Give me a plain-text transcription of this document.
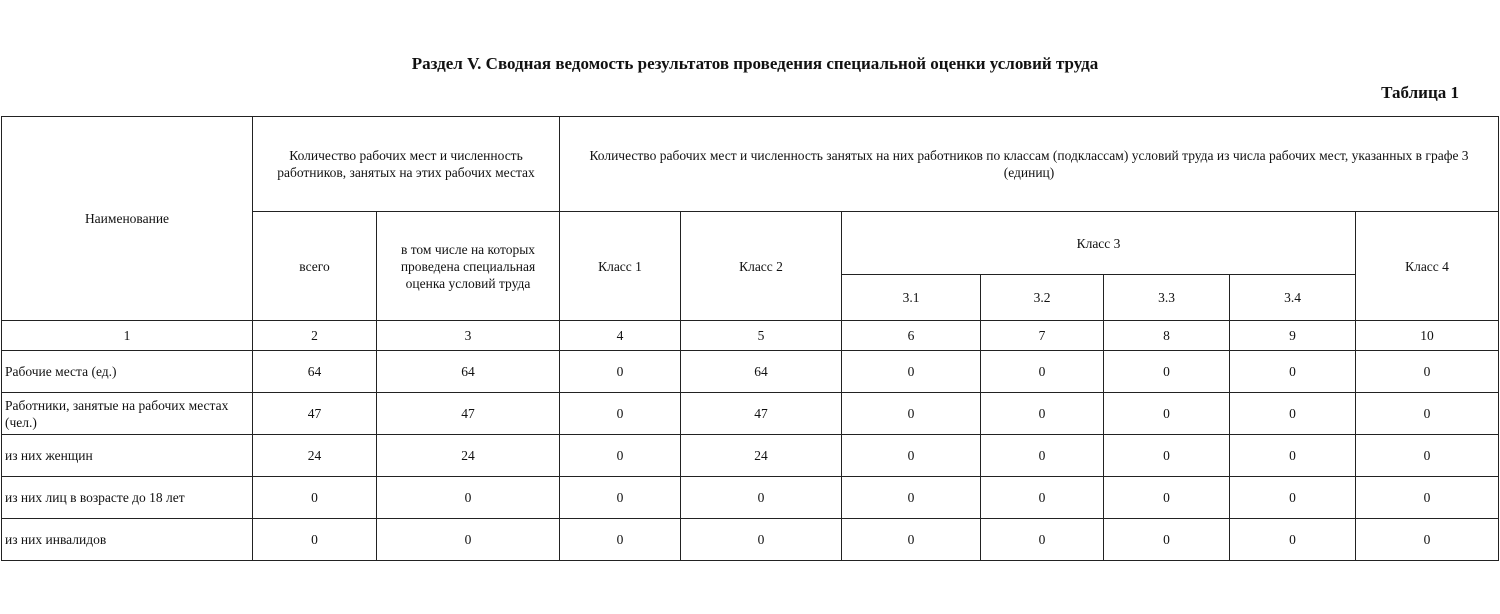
Раздел V. Сводная ведомость результатов проведения специальной оценки условий труда
Таблица 1
Наименование	Количество рабочих мест и численность работников, занятых на этих рабочих местах		Количество рабочих мест и численность занятых на них работников по классам (подклассам) условий труда из числа рабочих мест, указанных в графе 3 (единиц)						
	всего	в том числе на которых проведена специальная оценка условий труда	Класс 1	Класс 2	Класс 3				Класс 4
					3.1	3.2	3.3	3.4	
1	2	3	4	5	6	7	8	9	10
Рабочие места (ед.)	64	64	0	64	0	0	0	0	0
Работники, занятые на рабочих местах (чел.)	47	47	0	47	0	0	0	0	0
из них женщин	24	24	0	24	0	0	0	0	0
из них лиц в возрасте до 18 лет	0	0	0	0	0	0	0	0	0
из них инвалидов	0	0	0	0	0	0	0	0	0
